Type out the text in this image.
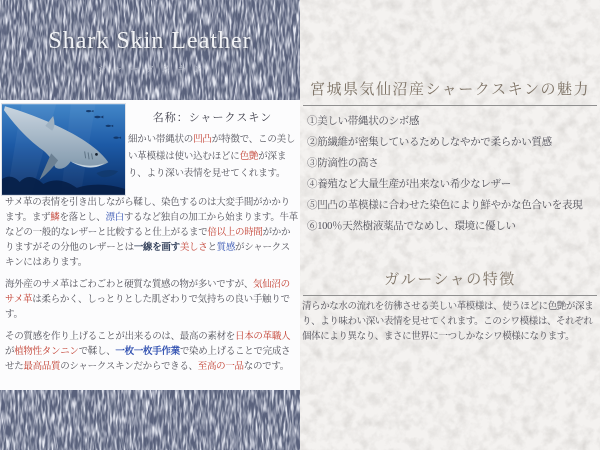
Shark Skin Leather
シャークスキン
名称：シャークスキン
細かい帯縄状の凹凸が特徴で、この美しい革模様は使い込むほどに色艶が深まり、より深い表情を見せてくれます。

サメ革の表情を引き出しながら鞣し、染色するのは大変手間がかかります。まず鱗を落とし、漂白するなど独自の加工から始まります。牛革などの一般的なレザーと比較すると仕上がるまで倍以上の時間がかかりますがその分他のレザーとは一線を画す美しさと質感がシャークスキンにはあります。

海外産のサメ革はごわごわと硬質な質感の物が多いですが、気仙沼のサメ革は柔らかく、しっとりとした肌ざわりで気持ちの良い手触りです。

その質感を作り上げることが出来るのは、最高の素材を日本の革職人が植物性タンニンで鞣し、一枚一枚手作業で染め上げることで完成させた最高品質のシャークスキンだからできる、至高の一品なのです。

宮城県気仙沼産シャークスキンの魅力
①美しい帯縄状のシボ感
②筋繊維が密集しているためしなやかで柔らかい質感
③防滴性の高さ
④養殖など大量生産が出来ない希少なレザー
⑤凹凸の革模様に合わせた染色により鮮やかな色合いを表現
⑥100％天然樹液薬品でなめし、環境に優しい
ガルーシャの特徴

清らかな水の流れを彷彿させる美しい革模様は、使うほどに色艶が深まり、より味わい深い表情を見せてくれます。このシワ模様は、それぞれ個体により異なり、まさに世界に一つしかなシワ模様になります。
